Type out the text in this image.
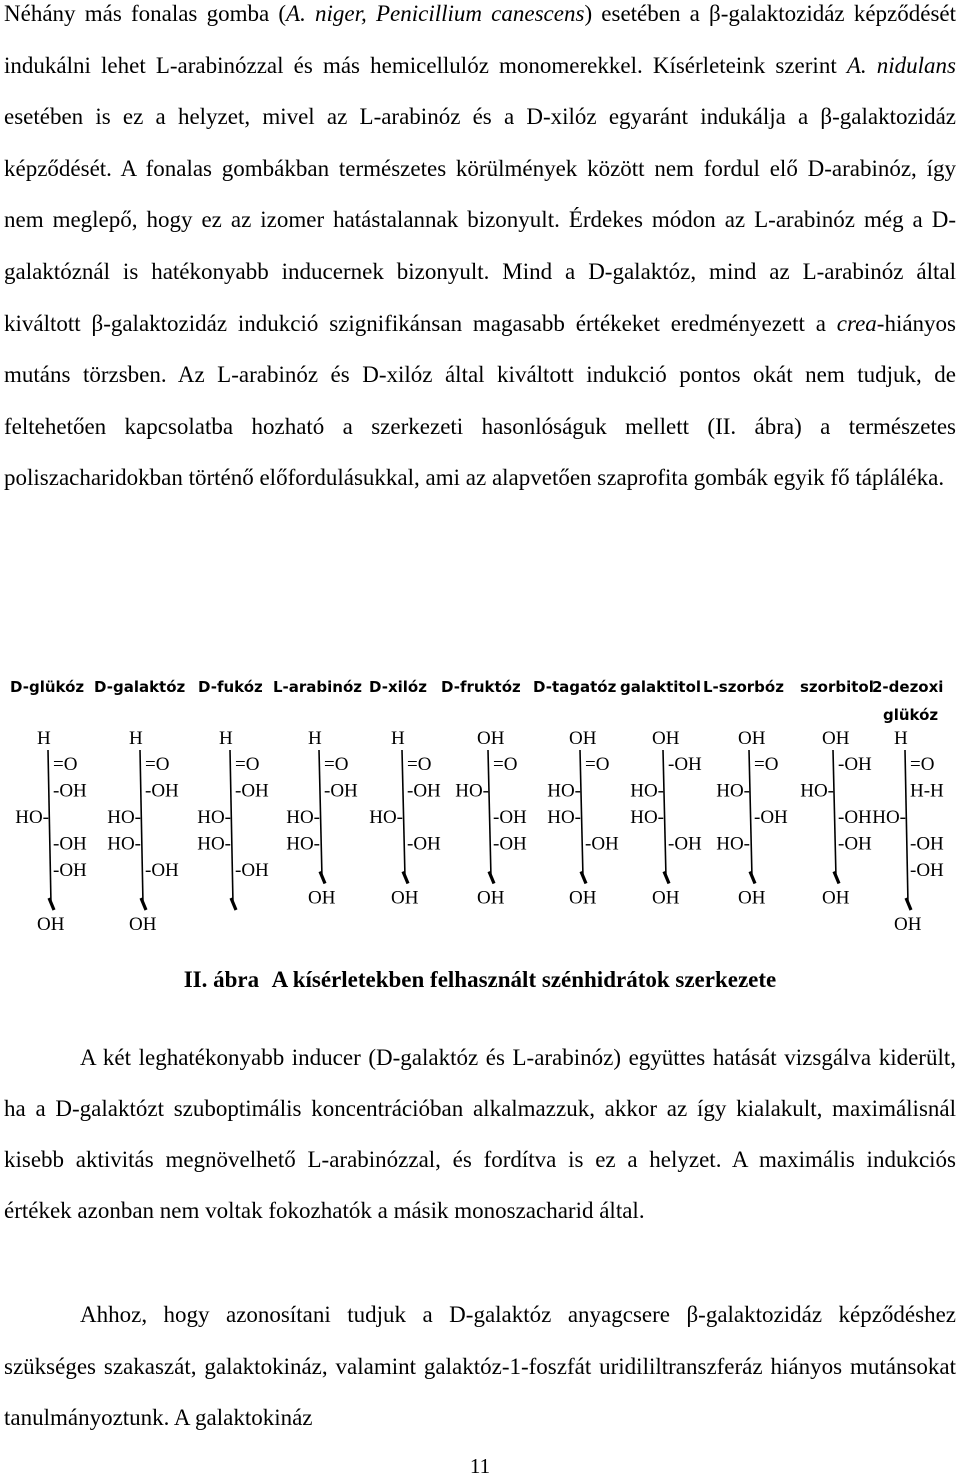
Néhány más fonalas gomba (A. niger, Penicillium canescens) esetében a β-galaktozidáz képződését indukálni lehet L-arabinózzal és más hemicellulóz monomerekkel. Kísérleteink szerint A. nidulans esetében is ez a helyzet, mivel az L-arabinóz és a D-xilóz egyaránt indukálja a β-galaktozidáz képződését. A fonalas gombákban természetes körülmények között nem fordul elő D-arabinóz, így nem meglepő, hogy ez az izomer hatástalannak bizonyult. Érdekes módon az L-arabinóz még a D-galaktóznál is hatékonyabb inducernek bizonyult. Mind a D-galaktóz, mind az L-arabinóz által kiváltott β-galaktozidáz indukció szignifikánsan magasabb értékeket eredményezett a crea-hiányos mutáns törzsben. Az L-arabinóz és D-xilóz által kiváltott indukció pontos okát nem tudjuk, de feltehetően kapcsolatba hozható a szerkezeti hasonlóságuk mellett (II. ábra) a természetes poliszacharidokban történő előfordulásukkal, ami az alapvetően szaprofita gombák egyik fő tápláléka.

D-glükóz D-galaktóz D-fukóz L-arabinóz D-xilóz D-fruktóz D-tagatóz galaktitol L-szorbóz szorbitol
2-dezoxi
glükóz
H
=O
-OH
HO-
-OH
-OH
OH
H
=O
-OH
HO-
HO-
-OH
OH
H
=O
-OH
HO-
HO-
-OH
H
=O
-OH
HO-
HO-
OH
H
=O
-OH
HO-
-OH
OH
OH
=O
HO-
-OH
-OH
OH
OH
=O
HO-
HO-
-OH
OH
OH
-OH
HO-
HO-
-OH
OH
OH
=O
HO-
-OH
HO-
OH
OH
-OH
HO-
-OH
-OH
OH
H
=O
H-H
HO-
-OH
-OH
OH
II. ábra A kísérletekben felhasznált szénhidrátok szerkezete

A két leghatékonyabb inducer (D-galaktóz és L-arabinóz) együttes hatását vizsgálva kiderült, ha a D-galaktózt szuboptimális koncentrációban alkalmazzuk, akkor az így kialakult, maximálisnál kisebb aktivitás megnövelhető L-arabinózzal, és fordítva is ez a helyzet. A maximális indukciós értékek azonban nem voltak fokozhatók a másik monoszacharid által.

Ahhoz, hogy azonosítani tudjuk a D-galaktóz anyagcsere β-galaktozidáz képződéshez szükséges szakaszát, galaktokináz, valamint galaktóz-1-foszfát uridililtranszferáz hiányos mutánsokat tanulmányoztunk. A galaktokináz

11
